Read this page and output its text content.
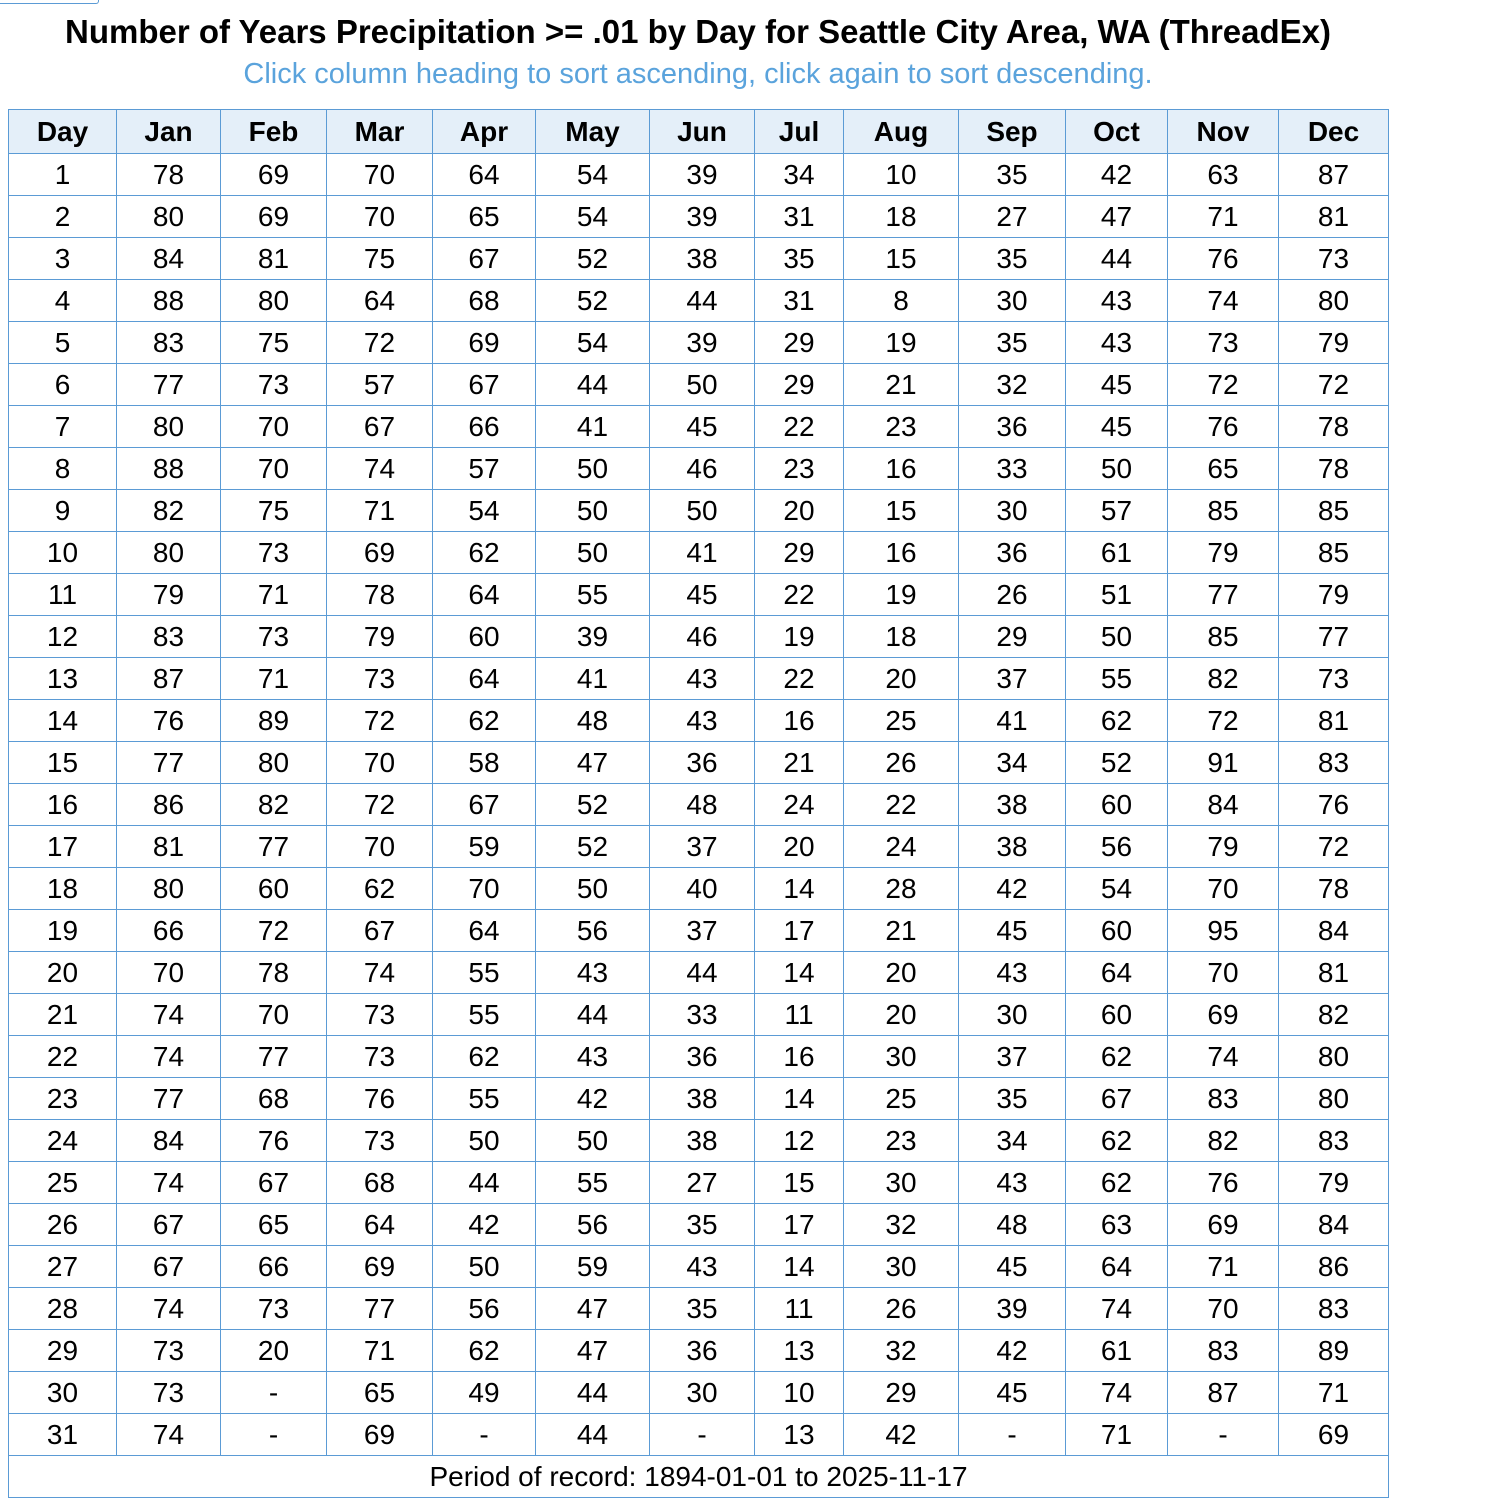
Number of Years Precipitation >= .01 by Day for Seattle City Area, WA (ThreadEx)
Click column heading to sort ascending, click again to sort descending.
Day	Jan	Feb	Mar	Apr	May	Jun	Jul	Aug	Sep	Oct	Nov	Dec
1	78	69	70	64	54	39	34	10	35	42	63	87
2	80	69	70	65	54	39	31	18	27	47	71	81
3	84	81	75	67	52	38	35	15	35	44	76	73
4	88	80	64	68	52	44	31	8	30	43	74	80
5	83	75	72	69	54	39	29	19	35	43	73	79
6	77	73	57	67	44	50	29	21	32	45	72	72
7	80	70	67	66	41	45	22	23	36	45	76	78
8	88	70	74	57	50	46	23	16	33	50	65	78
9	82	75	71	54	50	50	20	15	30	57	85	85
10	80	73	69	62	50	41	29	16	36	61	79	85
11	79	71	78	64	55	45	22	19	26	51	77	79
12	83	73	79	60	39	46	19	18	29	50	85	77
13	87	71	73	64	41	43	22	20	37	55	82	73
14	76	89	72	62	48	43	16	25	41	62	72	81
15	77	80	70	58	47	36	21	26	34	52	91	83
16	86	82	72	67	52	48	24	22	38	60	84	76
17	81	77	70	59	52	37	20	24	38	56	79	72
18	80	60	62	70	50	40	14	28	42	54	70	78
19	66	72	67	64	56	37	17	21	45	60	95	84
20	70	78	74	55	43	44	14	20	43	64	70	81
21	74	70	73	55	44	33	11	20	30	60	69	82
22	74	77	73	62	43	36	16	30	37	62	74	80
23	77	68	76	55	42	38	14	25	35	67	83	80
24	84	76	73	50	50	38	12	23	34	62	82	83
25	74	67	68	44	55	27	15	30	43	62	76	79
26	67	65	64	42	56	35	17	32	48	63	69	84
27	67	66	69	50	59	43	14	30	45	64	71	86
28	74	73	77	56	47	35	11	26	39	74	70	83
29	73	20	71	62	47	36	13	32	42	61	83	89
30	73	-	65	49	44	30	10	29	45	74	87	71
31	74	-	69	-	44	-	13	42	-	71	-	69
Period of record: 1894-01-01 to 2025-11-17												
